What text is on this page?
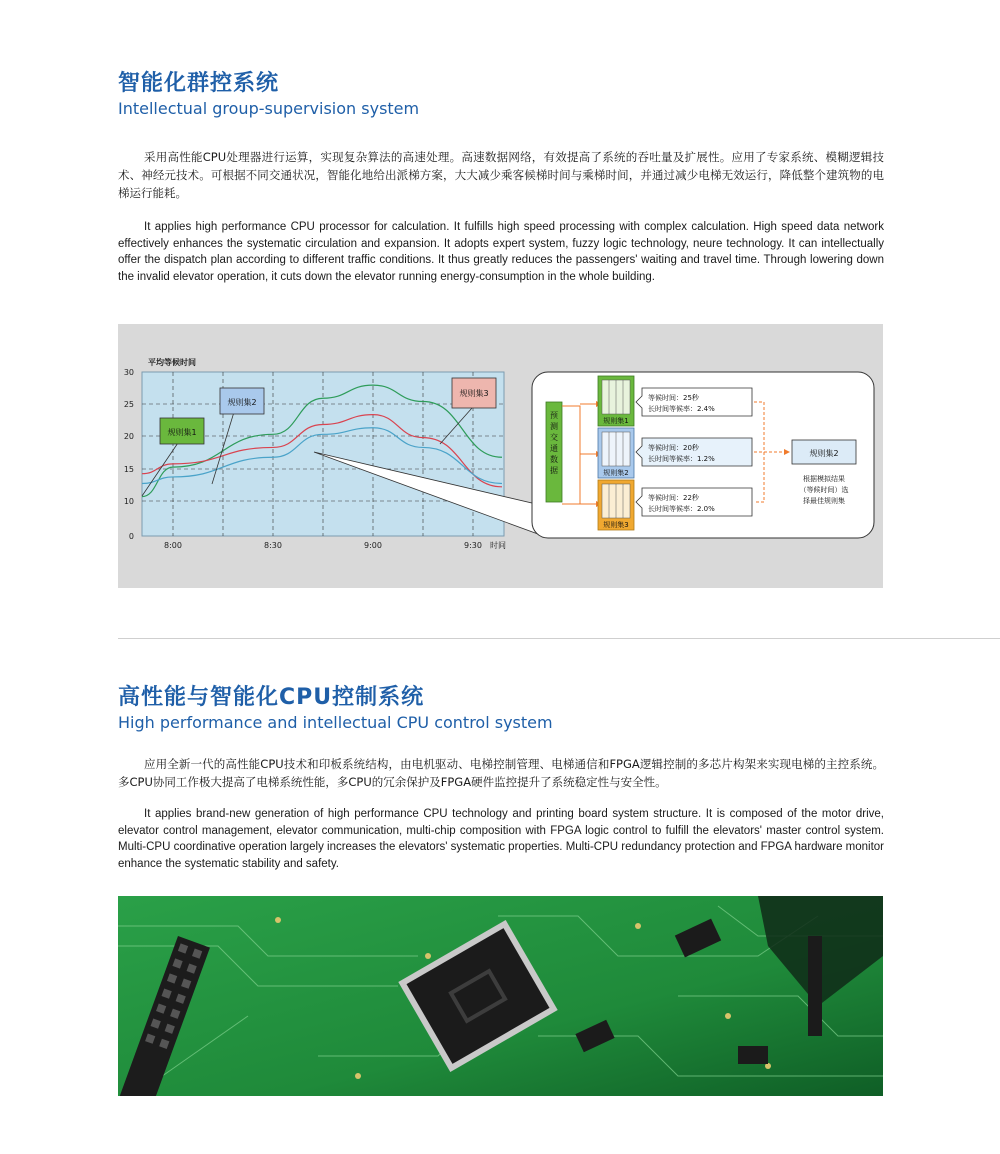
智能化群控系统
Intellectual group-supervision system

采用高性能CPU处理器进行运算，实现复杂算法的高速处理。高速数据网络，有效提高了系统的吞吐量及扩展性。应用了专家系统、模糊逻辑技术、神经元技术。可根据不同交通状况，智能化地给出派梯方案，大大减少乘客候梯时间与乘梯时间，并通过减少电梯无效运行，降低整个建筑物的电梯运行能耗。

It applies high performance CPU processor for calculation. It fulfills high speed processing with complex calculation. High speed data network effectively enhances the systematic circulation and expansion. It adopts expert system, fuzzy logic technology, neure technology. It can intellectually offer the dispatch plan according to different traffic conditions. It thus greatly reduces the passengers' waiting and travel time. Through lowering down the invalid elevator operation, it cuts down the elevator running energy-consumption in the whole building.

0
10
15
20
25
30
8:00	8:30	9:00	9:30
平均等候时间
时间
规则集1
规则集2
规则集3
预测交通数据
规则集1
规则集2
规则集3
等候时间：25秒
长时间等候率：2.4%
等候时间：20秒
长时间等候率：1.2%
等候时间：22秒
长时间等候率：2.0%
规则集2
根据模拟结果
（等候时间）选
择最佳规则集
高性能与智能化CPU控制系统
High performance and intellectual CPU control system

应用全新一代的高性能CPU技术和印板系统结构，由电机驱动、电梯控制管理、电梯通信和FPGA逻辑控制的多芯片构架来实现电梯的主控系统。多CPU协同工作极大提高了电梯系统性能，多CPU的冗余保护及FPGA硬件监控提升了系统稳定性与安全性。

It applies brand-new generation of high performance CPU technology and printing board system structure. It is composed of the motor drive, elevator control management, elevator communication, multi-chip composition with FPGA logic control to fulfill the elevators' master control system. Multi-CPU coordinative operation largely increases the elevators' systematic properties. Multi-CPU redundancy protection and FPGA hardware monitor enhance the systematic stability and safety.
